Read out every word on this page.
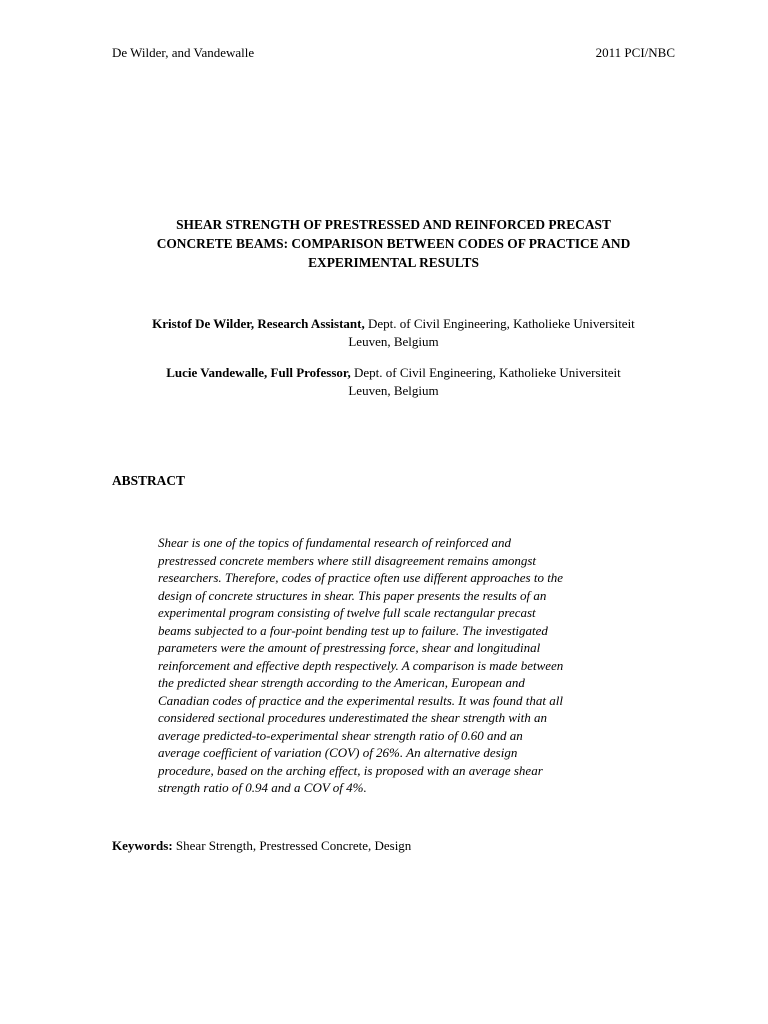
De Wilder, and Vandewalle	2011 PCI/NBC
SHEAR STRENGTH OF PRESTRESSED AND REINFORCED PRECAST
CONCRETE BEAMS: COMPARISON BETWEEN CODES OF PRACTICE AND
EXPERIMENTAL RESULTS
Kristof De Wilder, Research Assistant, Dept. of Civil Engineering, Katholieke Universiteit
Leuven, Belgium
Lucie Vandewalle, Full Professor, Dept. of Civil Engineering, Katholieke Universiteit
Leuven, Belgium
ABSTRACT
Shear is one of the topics of fundamental research of reinforced and
prestressed concrete members where still disagreement remains amongst
researchers. Therefore, codes of practice often use different approaches to the
design of concrete structures in shear. This paper presents the results of an
experimental program consisting of twelve full scale rectangular precast
beams subjected to a four-point bending test up to failure. The investigated
parameters were the amount of prestressing force, shear and longitudinal
reinforcement and effective depth respectively. A comparison is made between
the predicted shear strength according to the American, European and
Canadian codes of practice and the experimental results. It was found that all
considered sectional procedures underestimated the shear strength with an
average predicted-to-experimental shear strength ratio of 0.60 and an
average coefficient of variation (COV) of 26%. An alternative design
procedure, based on the arching effect, is proposed with an average shear
strength ratio of 0.94 and a COV of 4%.
Keywords: Shear Strength, Prestressed Concrete, Design
